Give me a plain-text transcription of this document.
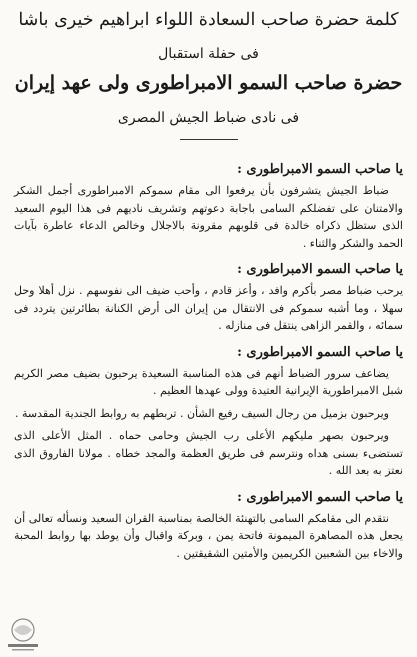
كلمة حضرة صاحب السعادة اللواء ابراهيم خيرى باشا
فى حفلة استقبال
حضرة صاحب السمو الامبراطورى ولى عهد إيران
فى نادى ضباط الجيش المصرى

يا صاحب السمو الامبراطورى :

ضباط الجيش يتشرفون بأن يرفعوا الى مقام سموكم الامبراطورى أجمل الشكر والامتنان على تفضلكم السامى باجابة دعوتهم وتشريف ناديهم فى هذا اليوم السعيد الذى ستظل ذكراه خالدة فى قلوبهم مقرونة بالاجلال وخالص الدعاء عاطرة بآيات الحمد والشكر والثناء .

يا صاحب السمو الامبراطورى :

يرحب ضباط مصر بأكرم وافد ، وأعز قادم ، وأحب ضيف الى نفوسهم . نزل أهلا وحل سهلا ، وما أشبه سموكم فى الانتقال من إيران الى أرض الكنانة بطائرتين يتردد فى سمائه ، والقمر الزاهى ينتقل فى منازله .

يا صاحب السمو الامبراطورى :

يضاعف سرور الضباط أنهم فى هذه المناسبة السعيدة يرحبون بضيف مصر الكريم شبل الامبراطورية الإيرانية العتيدة وولى عهدها العظيم .

ويرحبون بزميل من رجال السيف رفيع الشأن . تربطهم به روابط الجندية المقدسة .

ويرحبون بصهر مليكهم الأعلى رب الجيش وحامى حماه . المثل الأعلى الذى تستضىء بسنى هداه ونترسم فى طريق العظمة والمجد خطاه . مولانا الفاروق الذى نعتز به بعد الله .

يا صاحب السمو الامبراطورى :

نتقدم الى مقامكم السامى بالتهنئة الخالصة بمناسبة القران السعيد ونسأله تعالى أن يجعل هذه المصاهرة الميمونة فاتحة يمن ، وبركة واقبال وأن يوطد بها روابط المحبة والاخاء بين الشعبين الكريمين والأمتين الشقيقتين .
